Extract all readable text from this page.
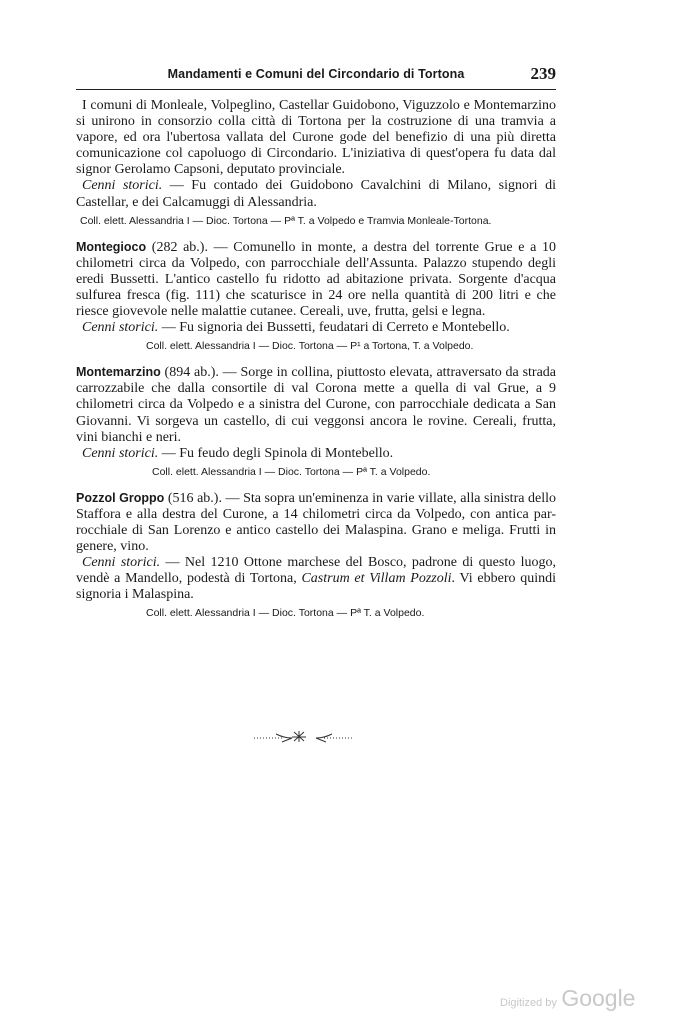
Mandamenti e Comuni del Circondario di Tortona	239

I comuni di Monleale, Volpeglino, Castellar Guidobono, Viguzzolo e Montemarzino si unirono in consorzio colla città di Tortona per la costruzione di una tramvia a vapore, ed ora l'ubertosa vallata del Curone gode del benefizio di una più diretta comunicazione col capoluogo di Circondario. L'iniziativa di quest'opera fu data dal signor Gerolamo Capsoni, deputato provinciale.

Cenni storici. — Fu contado dei Guidobono Cavalchini di Milano, signori di Castellar, e dei Calcamuggi di Alessandria.

Coll. elett. Alessandria I — Dioc. Tortona — Pª T. a Volpedo e Tramvia Monleale-Tortona.

Montegioco (282 ab.). — Comunello in monte, a destra del torrente Grue e a 10 chilometri circa da Volpedo, con parrocchiale dell'Assunta. Palazzo stupendo degli eredi Bussetti. L'antico castello fu ridotto ad abitazione privata. Sorgente d'acqua sulfurea fresca (fig. 111) che scaturisce in 24 ore nella quantità di 200 litri e che riesce giovevole nelle malattie cutanee. Cereali, uve, frutta, gelsi e legna.

Cenni storici. — Fu signoria dei Bussetti, feudatari di Cerreto e Montebello.

Coll. elett. Alessandria I — Dioc. Tortona — P¹ a Tortona, T. a Volpedo.

Montemarzino (894 ab.). — Sorge in collina, piuttosto elevata, attraversato da strada carrozzabile che dalla consortile di val Corona mette a quella di val Grue, a 9 chilometri circa da Volpedo e a sinistra del Curone, con parrocchiale dedicata a San Giovanni. Vi sorgeva un castello, di cui veggonsi ancora le rovine. Cereali, frutta, vini bianchi e neri.

Cenni storici. — Fu feudo degli Spinola di Montebello.

Coll. elett. Alessandria I — Dioc. Tortona — Pª T. a Volpedo.

Pozzol Groppo (516 ab.). — Sta sopra un'eminenza in varie villate, alla sinistra dello Staffora e alla destra del Curone, a 14 chilometri circa da Volpedo, con antica par- rocchiale di San Lorenzo e antico castello dei Malaspina. Grano e meliga. Frutti in genere, vino.

Cenni storici. — Nel 1210 Ottone marchese del Bosco, padrone di questo luogo, vendè a Mandello, podestà di Tortona, Castrum et Villam Pozzoli. Vi ebbero quindi signoria i Malaspina.

Coll. elett. Alessandria I — Dioc. Tortona — Pª T. a Volpedo.
Digitized by Google
